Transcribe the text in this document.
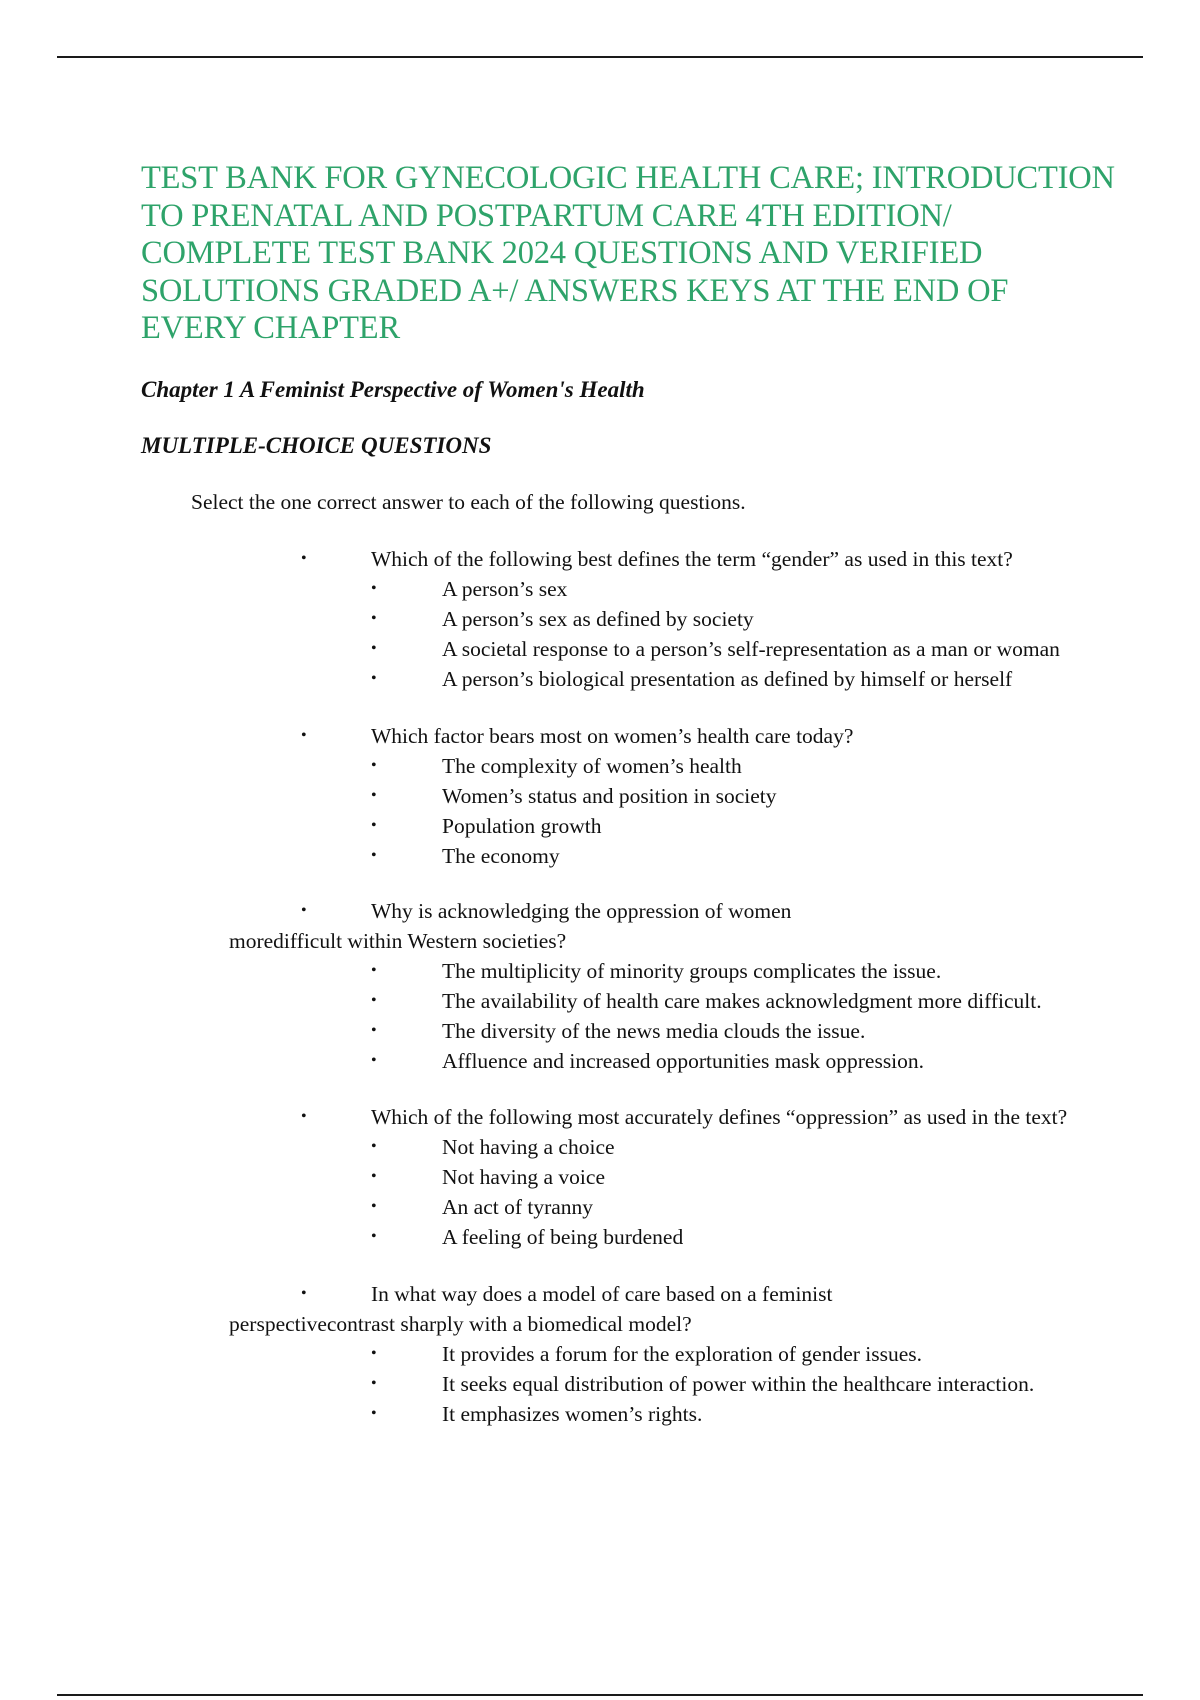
TEST BANK FOR GYNECOLOGIC HEALTH CARE; INTRODUCTION
TO PRENATAL AND POSTPARTUM CARE 4TH EDITION/
COMPLETE TEST BANK 2024 QUESTIONS AND VERIFIED
SOLUTIONS GRADED A+/ ANSWERS KEYS AT THE END OF
EVERY CHAPTER
Chapter 1 A Feminist Perspective of Women's Health
MULTIPLE-CHOICE QUESTIONS

Select the one correct answer to each of the following questions.

•	Which of the following best defines the term “gender” as used in this text?
•	A person’s sex
•	A person’s sex as defined by society
•	A societal response to a person’s self-representation as a man or woman
•	A person’s biological presentation as defined by himself or herself
•	Which factor bears most on women’s health care today?
•	The complexity of women’s health
•	Women’s status and position in society
•	Population growth
•	The economy
•	Why is acknowledging the oppression of women
moredifficult within Western societies?
•	The multiplicity of minority groups complicates the issue.
•	The availability of health care makes acknowledgment more difficult.
•	The diversity of the news media clouds the issue.
•	Affluence and increased opportunities mask oppression.
•	Which of the following most accurately defines “oppression” as used in the text?
•	Not having a choice
•	Not having a voice
•	An act of tyranny
•	A feeling of being burdened
•	In what way does a model of care based on a feminist
perspectivecontrast sharply with a biomedical model?
•	It provides a forum for the exploration of gender issues.
•	It seeks equal distribution of power within the healthcare interaction.
•	It emphasizes women’s rights.
